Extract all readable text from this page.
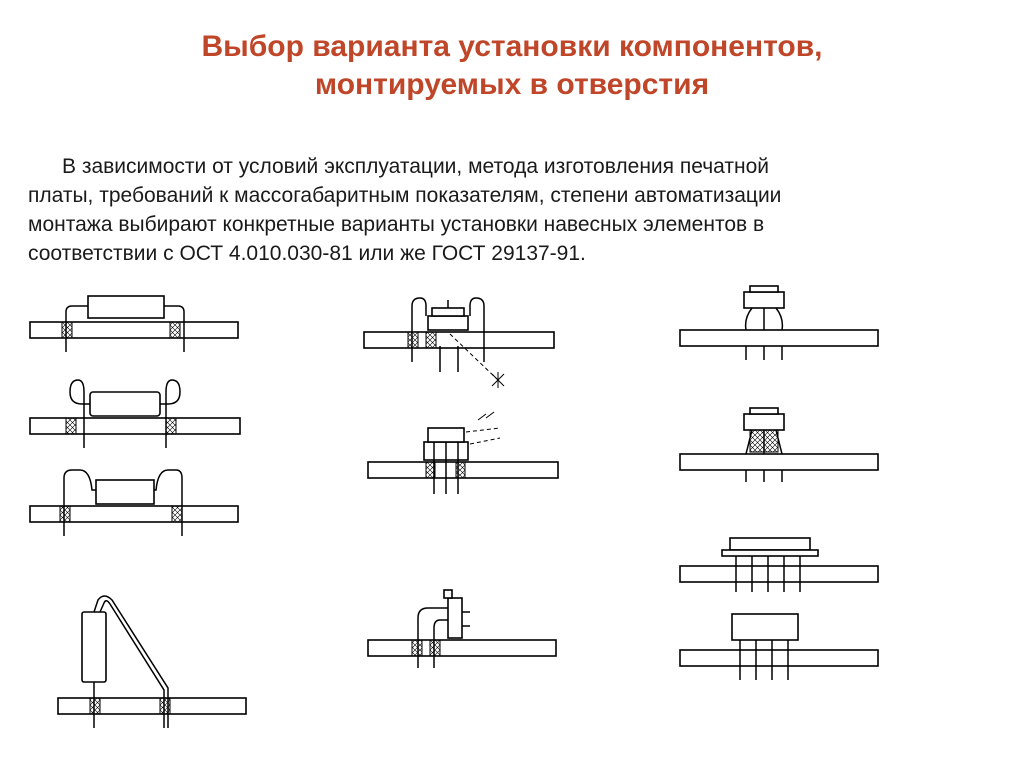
Выбор варианта установки компонентов,
монтируемых в отверстия
В зависимости от условий эксплуатации, метода изготовления печатной
платы, требований к массогабаритным показателям, степени автоматизации
монтажа выбирают конкретные варианты установки навесных элементов в
соответствии с ОСТ 4.010.030-81 или же ГОСТ 29137-91.
